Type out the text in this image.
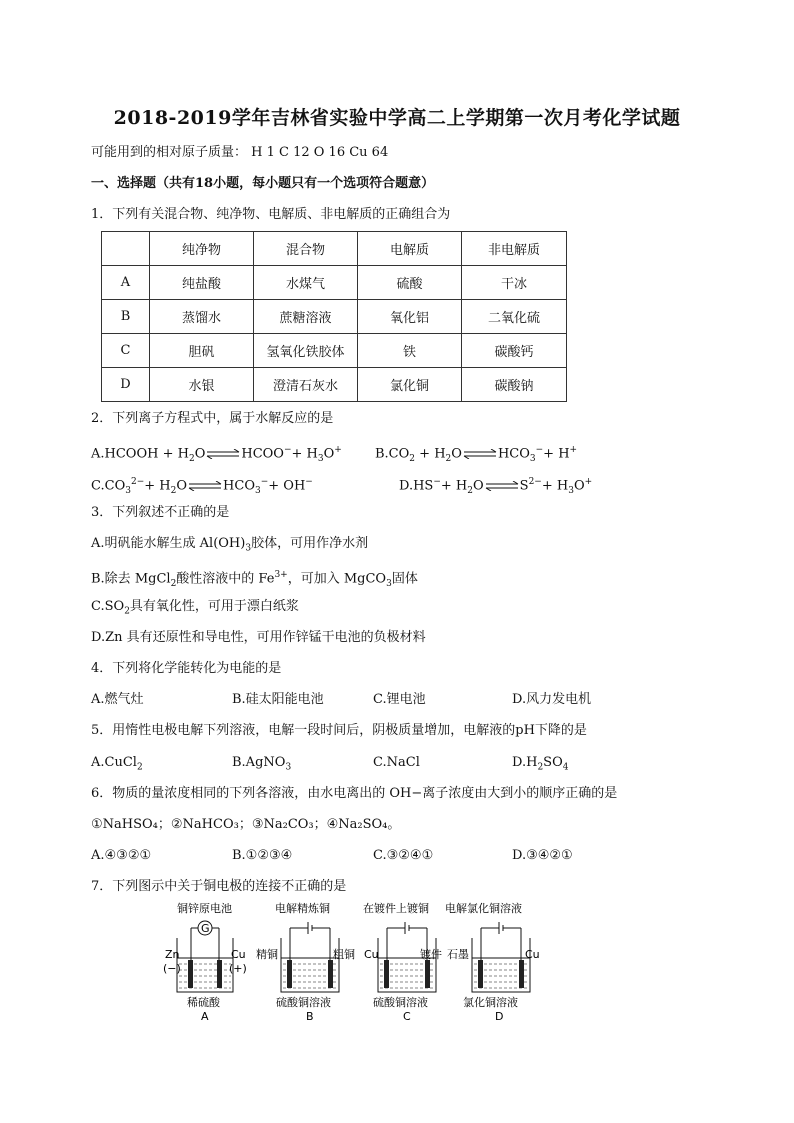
2018-2019学年吉林省实验中学高二上学期第一次月考化学试题
可能用到的相对原子质量： H 1 C 12 O 16 Cu 64
一、选择题（共有18小题，每小题只有一个选项符合题意）
1．下列有关混合物、纯净物、电解质、非电解质的正确组合为
	纯净物	混合物	电解质	非电解质
A	纯盐酸	水煤气	硫酸	干冰
B	蒸馏水	蔗糖溶液	氧化铝	二氧化硫
C	胆矾	氢氧化铁胶体	铁	碳酸钙
D	水银	澄清石灰水	氯化铜	碳酸钠
2．下列离子方程式中，属于水解反应的是
A.HCOOH + $H_2O\rightleftharpoons HCOO^-+ H_3O^+$	$B.CO_2$ + $H_2O\rightleftharpoons HCO_3^-+ H^+$
$C.CO_3^{2-}+$ $H_2O\rightleftharpoons HCO_3^-+ OH^-$	$D.HS^-+ H_2O\rightleftharpoons S^{2-}+ H_3O^+$
3．下列叙述不正确的是
A.明矾能水解生成 $Al(OH)_3$胶体，可用作净水剂
B.除去 MgCl$_2$酸性溶液中的 $Fe^{3+}$，可加入 MgCO$_3$固体
$C.SO_2$具有氧化性，可用于漂白纸浆
D.Zn 具有还原性和导电性，可用作锌锰干电池的负极材料
4．下列将化学能转化为电能的是
A.燃气灶	B.硅太阳能电池	C.锂电池	D.风力发电机
5．用惰性电极电解下列溶液，电解一段时间后，阴极质量增加，电解液的pH下降的是
A.CuCl$_2$	B.AgNO$_3$	C.NaCl	$D.H_2SO_4$
6．物质的量浓度相同的下列各溶液，由水电离出的 OH−离子浓度由大到小的顺序正确的是
①NaHSO₄；②NaHCO₃；③Na₂CO₃；④Na₂SO₄。
A.④③②①	B.①②③④	C.③②④①	D.③④②①
7．下列图示中关于铜电极的连接不正确的是
铜锌原电池
G
Zn
(−)
Cu
(+)
稀硫酸
A
电解精炼铜
精铜	粗铜
硫酸铜溶液
B
在镀件上镀铜
Cu	镀件
硫酸铜溶液
C
电解氯化铜溶液
石墨	Cu
氯化铜溶液
D
